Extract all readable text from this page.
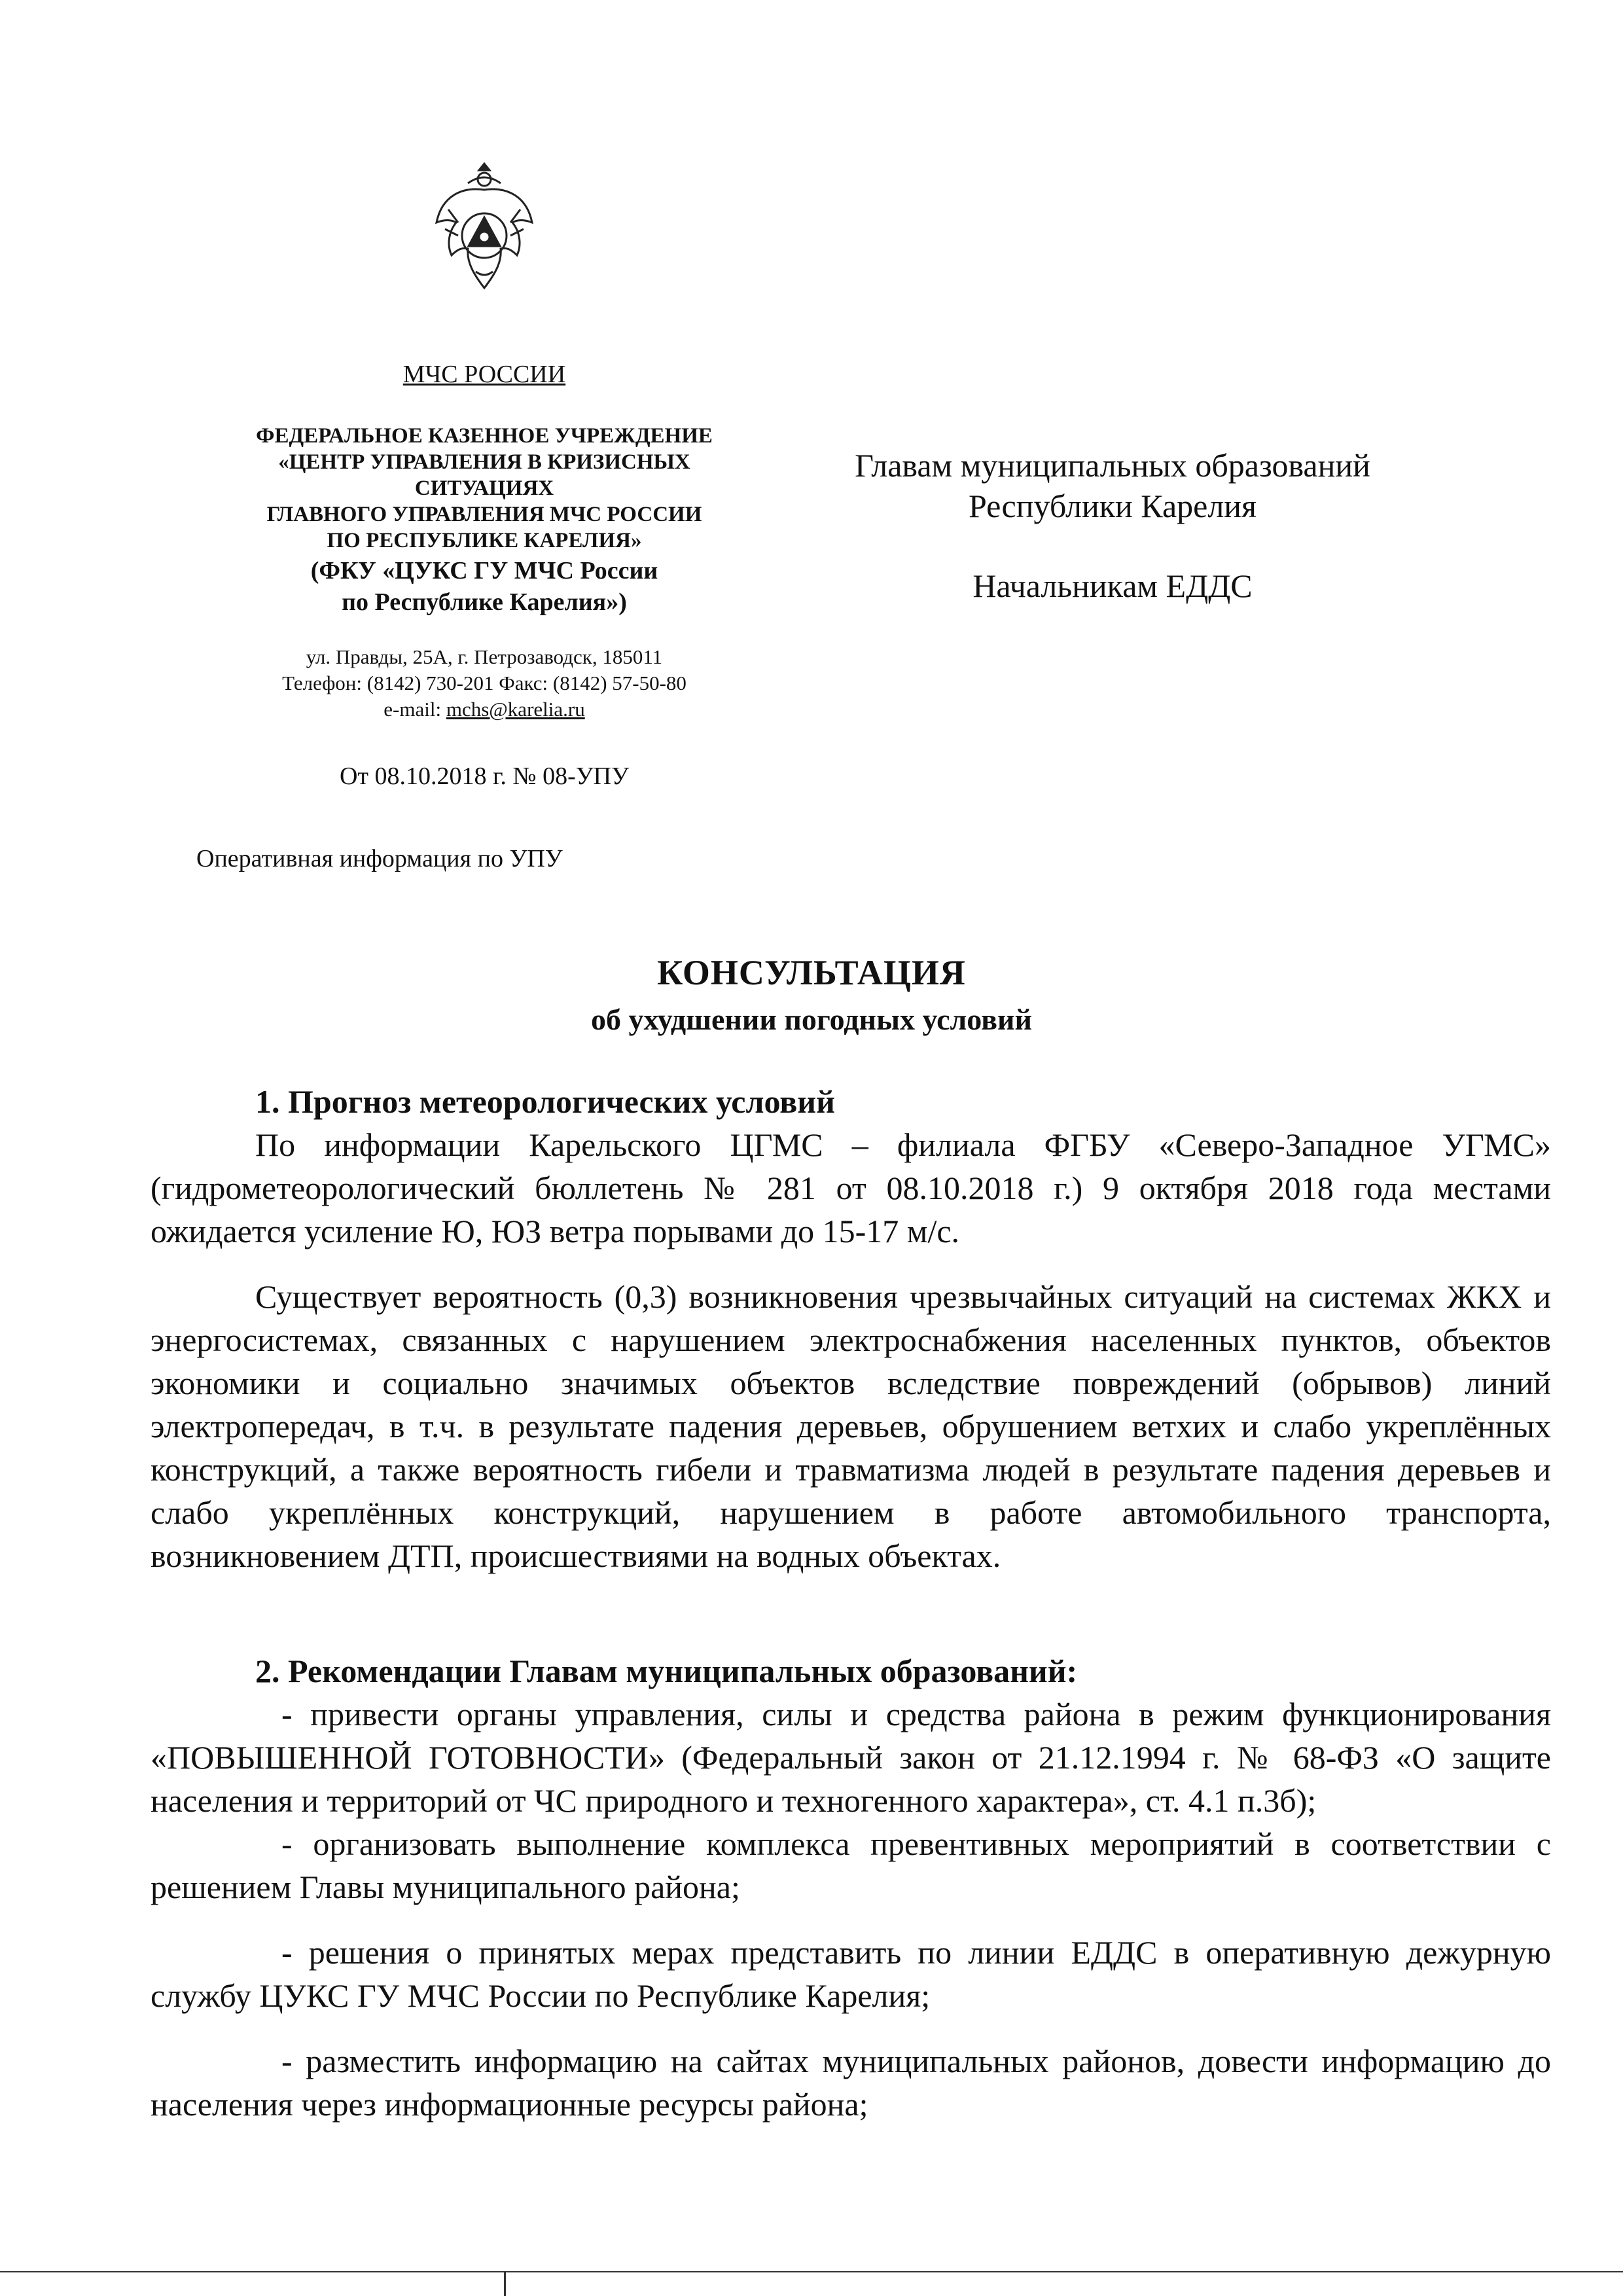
МЧС РОССИИ
ФЕДЕРАЛЬНОЕ КАЗЕННОЕ УЧРЕЖДЕНИЕ
«ЦЕНТР УПРАВЛЕНИЯ В КРИЗИСНЫХ
СИТУАЦИЯХ
ГЛАВНОГО УПРАВЛЕНИЯ МЧС РОССИИ
ПО РЕСПУБЛИКЕ КАРЕЛИЯ»
(ФКУ «ЦУКС ГУ МЧС России
по Республике Карелия»)
ул. Правды, 25А, г. Петрозаводск, 185011
Телефон: (8142) 730-201 Факс: (8142) 57-50-80
e-mail: mchs@karelia.ru
От 08.10.2018 г. № 08-УПУ
Оперативная информация по УПУ
Главам муниципальных образований
Республики Карелия
Начальникам ЕДДС
КОНСУЛЬТАЦИЯ
об ухудшении погодных условий

1. Прогноз метеорологических условий

По информации Карельского ЦГМС – филиала ФГБУ «Северо-Западное УГМС» (гидрометеорологический бюллетень № 281 от 08.10.2018 г.) 9 октября 2018 года местами ожидается усиление Ю, ЮЗ ветра порывами до 15-17 м/с.

Существует вероятность (0,3) возникновения чрезвычайных ситуаций на системах ЖКХ и энергосистемах, связанных с нарушением электроснабжения населенных пунктов, объектов экономики и социально значимых объектов вследствие повреждений (обрывов) линий электропередач, в т.ч. в результате падения деревьев, обрушением ветхих и слабо укреплённых конструкций, а также вероятность гибели и травматизма людей в результате падения деревьев и слабо укреплённых конструкций, нарушением в работе автомобильного транспорта, возникновением ДТП, происшествиями на водных объектах.

2. Рекомендации Главам муниципальных образований:

- привести органы управления, силы и средства района в режим функционирования «ПОВЫШЕННОЙ ГОТОВНОСТИ» (Федеральный закон от 21.12.1994 г. № 68-ФЗ «О защите населения и территорий от ЧС природного и техногенного характера», ст. 4.1 п.3б);

- организовать выполнение комплекса превентивных мероприятий в соответствии с решением Главы муниципального района;

- решения о принятых мерах представить по линии ЕДДС в оперативную дежурную службу ЦУКС ГУ МЧС России по Республике Карелия;

- разместить информацию на сайтах муниципальных районов, довести информацию до населения через информационные ресурсы района;
